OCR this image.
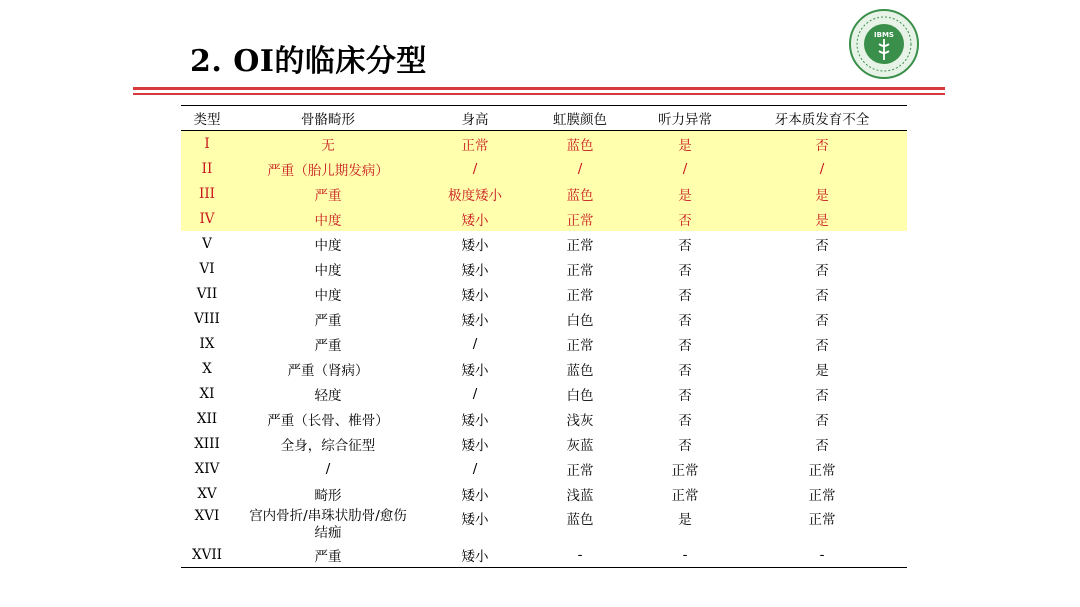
2. OI的临床分型
IBMS
类型	骨骼畸形	身高	虹膜颜色	听力异常	牙本质发育不全
I	无	正常	蓝色	是	否
II	严重（胎儿期发病）	/	/	/	/
III	严重	极度矮小	蓝色	是	是
IV	中度	矮小	正常	否	是
V	中度	矮小	正常	否	否
VI	中度	矮小	正常	否	否
VII	中度	矮小	正常	否	否
VIII	严重	矮小	白色	否	否
IX	严重	/	正常	否	否
X	严重（肾病）	矮小	蓝色	否	是
XI	轻度	/	白色	否	否
XII	严重（长骨、椎骨）	矮小	浅灰	否	否
XIII	全身，综合征型	矮小	灰蓝	否	否
XIV	/	/	正常	正常	正常
XV	畸形	矮小	浅蓝	正常	正常
XVI	宫内骨折/串珠状肋骨/愈伤结痂	矮小	蓝色	是	正常
XVII	严重	矮小	-	-	-
